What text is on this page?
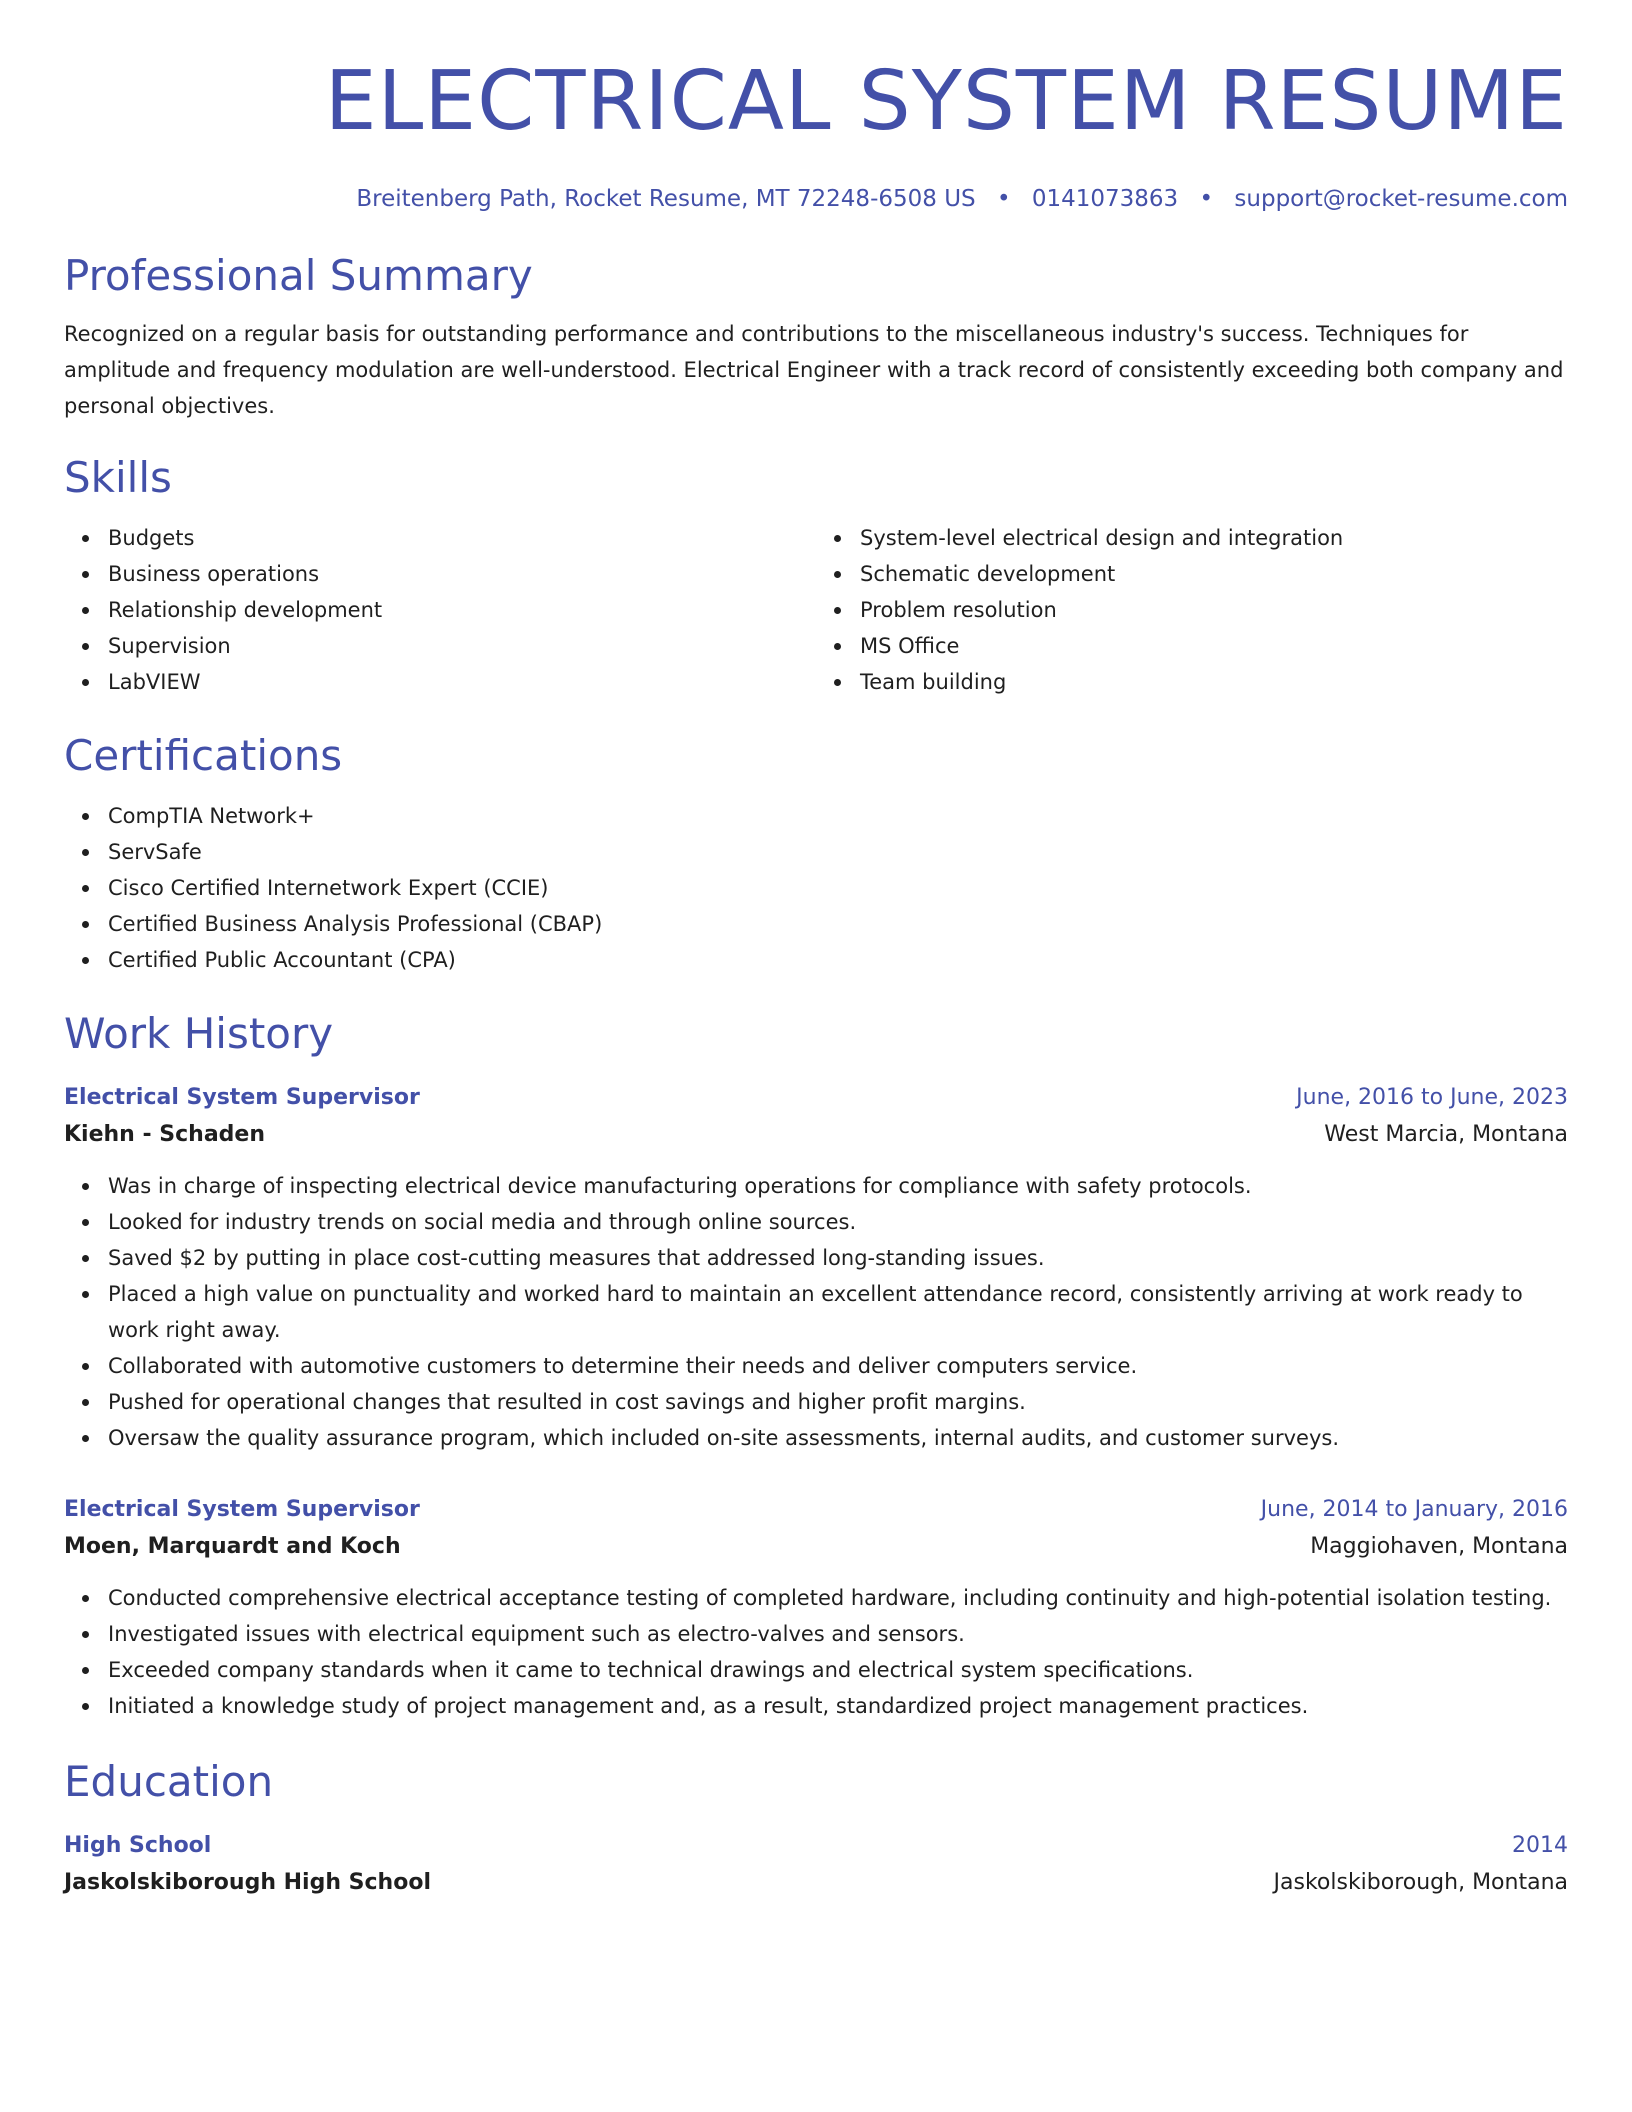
ELECTRICAL SYSTEM RESUME
Breitenberg Path, Rocket Resume, MT 72248-6508 US • 0141073863 • support@rocket-resume.com
Professional Summary

Recognized on a regular basis for outstanding performance and contributions to the miscellaneous industry's success. Techniques for amplitude and frequency modulation are well-understood. Electrical Engineer with a track record of consistently exceeding both company and personal objectives.

Skills
Budgets
Business operations
Relationship development
Supervision
LabVIEW
System-level electrical design and integration
Schematic development
Problem resolution
MS Office
Team building
Certifications
CompTIA Network+
ServSafe
Cisco Certified Internetwork Expert (CCIE)
Certified Business Analysis Professional (CBAP)
Certified Public Accountant (CPA)
Work History
Electrical System Supervisor	June, 2016 to June, 2023
Kiehn - Schaden	West Marcia, Montana
Was in charge of inspecting electrical device manufacturing operations for compliance with safety protocols.
Looked for industry trends on social media and through online sources.
Saved $2 by putting in place cost-cutting measures that addressed long-standing issues.
Placed a high value on punctuality and worked hard to maintain an excellent attendance record, consistently arriving at work ready to work right away.
Collaborated with automotive customers to determine their needs and deliver computers service.
Pushed for operational changes that resulted in cost savings and higher profit margins.
Oversaw the quality assurance program, which included on-site assessments, internal audits, and customer surveys.
Electrical System Supervisor	June, 2014 to January, 2016
Moen, Marquardt and Koch	Maggiohaven, Montana
Conducted comprehensive electrical acceptance testing of completed hardware, including continuity and high-potential isolation testing.
Investigated issues with electrical equipment such as electro-valves and sensors.
Exceeded company standards when it came to technical drawings and electrical system specifications.
Initiated a knowledge study of project management and, as a result, standardized project management practices.
Education
High School	2014
Jaskolskiborough High School	Jaskolskiborough, Montana
